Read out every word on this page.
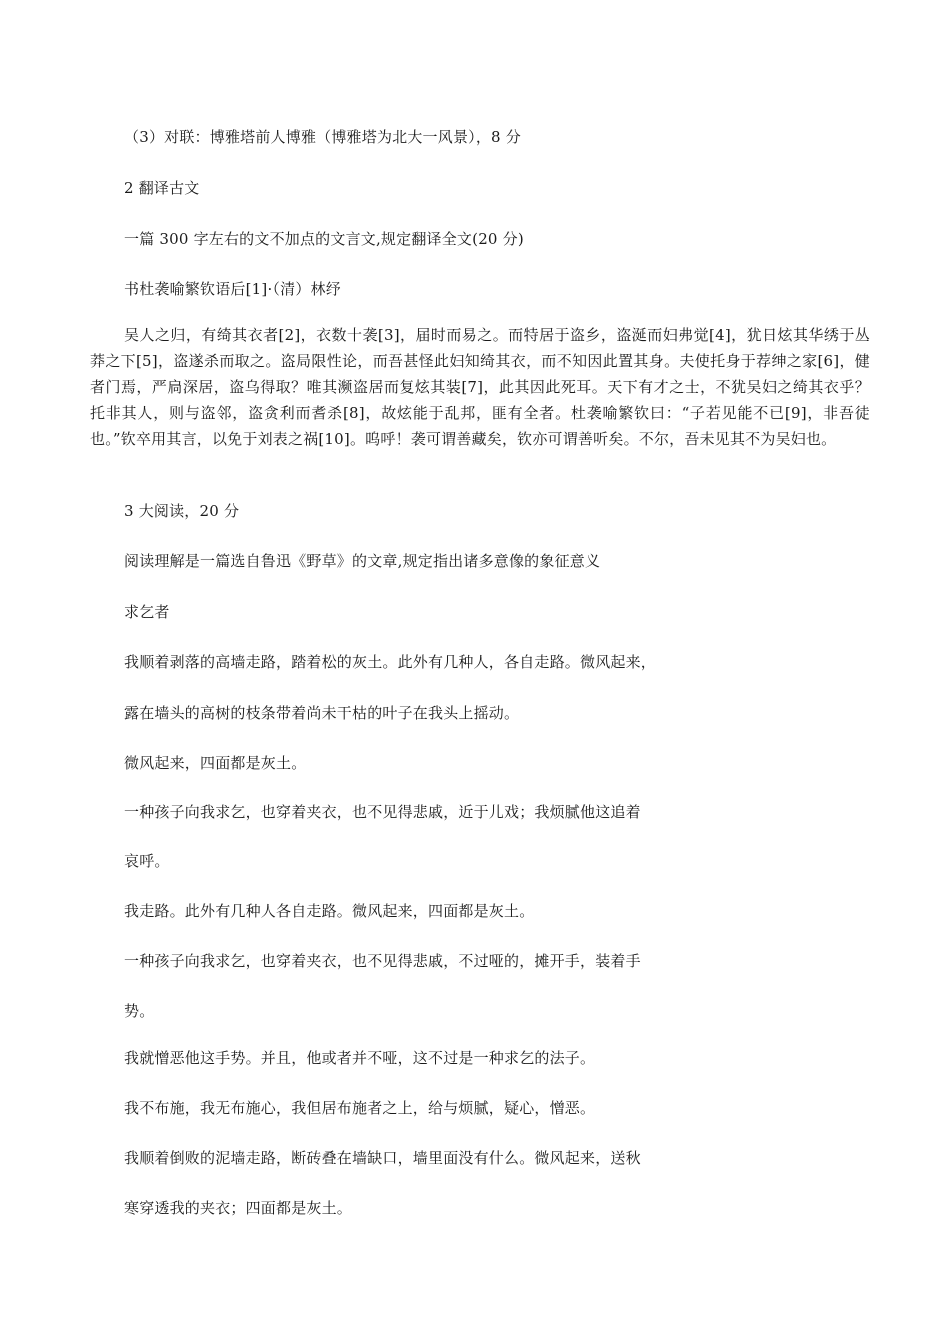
（3）对联：博雅塔前人博雅（博雅塔为北大一风景），8 分
2 翻译古文
一篇 300 字左右的文不加点的文言文,规定翻译全文(20 分)
书杜袭喻繁钦语后[1]·（清）林纾
吴人之归，有绮其衣者[2]，衣数十袭[3]，届时而易之。而特居于盗乡，盗涎而妇弗觉[4]，犹日炫其华绣于丛莽之下[5]，盗遂杀而取之。盗局限性论，而吾甚怪此妇知绮其衣，而不知因此置其身。夫使托身于荐绅之家[6]，健者门焉，严扃深居，盗乌得取？唯其濒盗居而复炫其装[7]，此其因此死耳。天下有才之士，不犹吴妇之绮其衣乎？托非其人，则与盗邻，盗贪利而耆杀[8]，故炫能于乱邦，匪有全者。杜袭喻繁钦曰：“子若见能不已[9]，非吾徒也。”钦卒用其言，以免于刘表之祸[10]。呜呼！袭可谓善藏矣，钦亦可谓善听矣。不尔，吾未见其不为吴妇也。
3 大阅读，20 分
阅读理解是一篇选自鲁迅《野草》的文章,规定指出诸多意像的象征意义
求乞者
我顺着剥落的高墙走路，踏着松的灰土。此外有几种人，各自走路。微风起来，
露在墙头的高树的枝条带着尚未干枯的叶子在我头上摇动。
微风起来，四面都是灰土。
一种孩子向我求乞，也穿着夹衣，也不见得悲戚，近于儿戏；我烦腻他这追着
哀呼。
我走路。此外有几种人各自走路。微风起来，四面都是灰土。
一种孩子向我求乞，也穿着夹衣，也不见得悲戚，不过哑的，摊开手，装着手
势。
我就憎恶他这手势。并且，他或者并不哑，这不过是一种求乞的法子。
我不布施，我无布施心，我但居布施者之上，给与烦腻，疑心，憎恶。
我顺着倒败的泥墙走路，断砖叠在墙缺口，墙里面没有什么。微风起来，送秋
寒穿透我的夹衣；四面都是灰土。
